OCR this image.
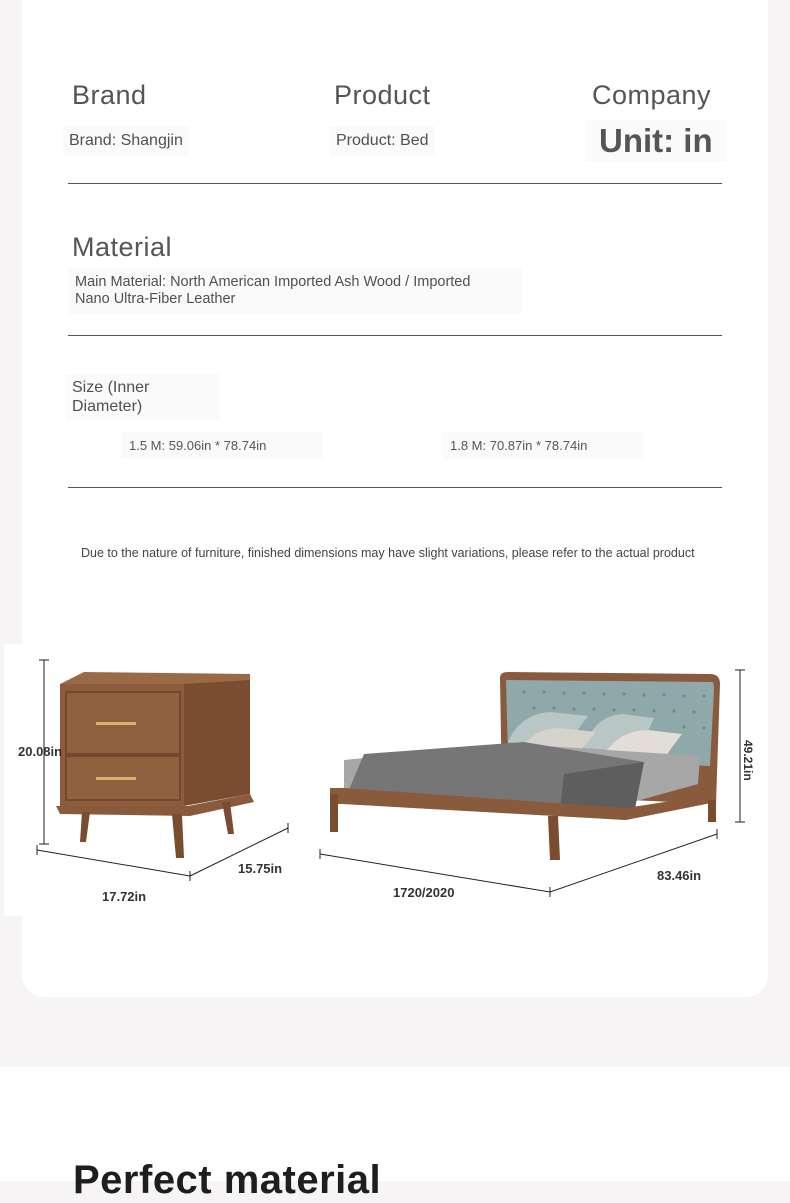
Brand
Brand: Shangjin
Product
Product: Bed
Company
Unit: in
Material
Main Material: North American Imported Ash Wood / Imported
Nano Ultra-Fiber Leather
Size (Inner
Diameter)
1.5 M: 59.06in * 78.74in	1.8 M: 70.87in * 78.74in
Due to the nature of furniture, finished dimensions may have slight variations, please refer to the actual product
20.08in
15.75in
17.72in	1720/2020
83.46in
49.21in
Perfect material
